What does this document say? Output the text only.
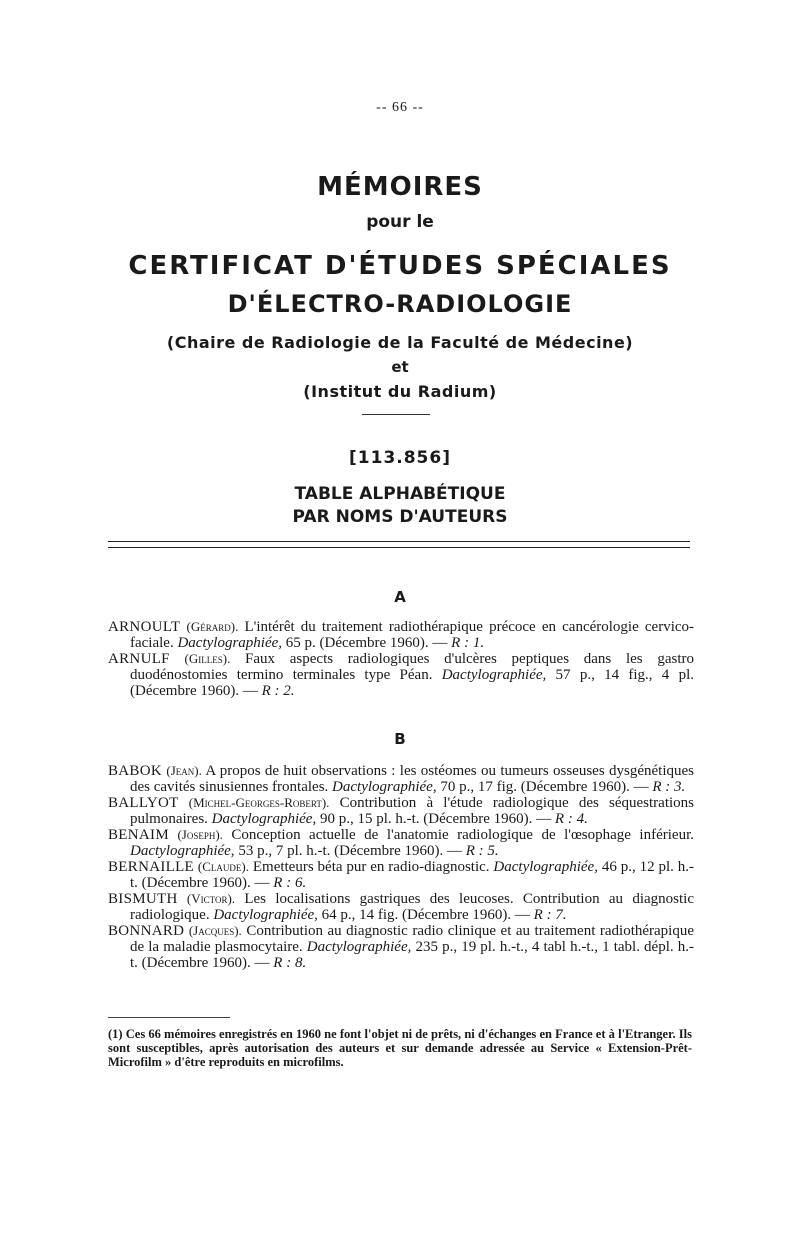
-- 66 --
MÉMOIRES
pour le
CERTIFICAT D'ÉTUDES SPÉCIALES
D'ÉLECTRO-RADIOLOGIE
(Chaire de Radiologie de la Faculté de Médecine)
et
(Institut du Radium)
[113.856]
TABLE ALPHABÉTIQUE
PAR NOMS D'AUTEURS
A

ARNOULT (Gérard). L'intérêt du traitement radiothérapique précoce en cancérologie cervico-faciale. Dactylographiée, 65 p. (Décembre 1960). — R : 1.

ARNULF (Gilles). Faux aspects radiologiques d'ulcères peptiques dans les gastro duodénostomies termino terminales type Péan. Dactylographiée, 57 p., 14 fig., 4 pl. (Décembre 1960). — R : 2.

B

BABOK (Jean). A propos de huit observations : les ostéomes ou tumeurs osseuses dysgénétiques des cavités sinusiennes frontales. Dactylographiée, 70 p., 17 fig. (Décembre 1960). — R : 3.

BALLYOT (Michel-Georges-Robert). Contribution à l'étude radiologique des séquestrations pulmonaires. Dactylographiée, 90 p., 15 pl. h.-t. (Décembre 1960). — R : 4.

BENAIM (Joseph). Conception actuelle de l'anatomie radiologique de l'œsophage inférieur. Dactylographiée, 53 p., 7 pl. h.-t. (Décembre 1960). — R : 5.

BERNAILLE (Claude). Emetteurs béta pur en radio-diagnostic. Dactylographiée, 46 p., 12 pl. h.-t. (Décembre 1960). — R : 6.

BISMUTH (Victor). Les localisations gastriques des leucoses. Contribution au diagnostic radiologique. Dactylographiée, 64 p., 14 fig. (Décembre 1960). — R : 7.

BONNARD (Jacques). Contribution au diagnostic radio clinique et au traitement radiothérapique de la maladie plasmocytaire. Dactylographiée, 235 p., 19 pl. h.-t., 4 tabl h.-t., 1 tabl. dépl. h.-t. (Décembre 1960). — R : 8.

(1) Ces 66 mémoires enregistrés en 1960 ne font l'objet ni de prêts, ni d'échanges en France et à l'Etranger. Ils sont susceptibles, après autorisation des auteurs et sur demande adressée au Service « Extension-Prêt-Microfilm » d'être reproduits en microfilms.
